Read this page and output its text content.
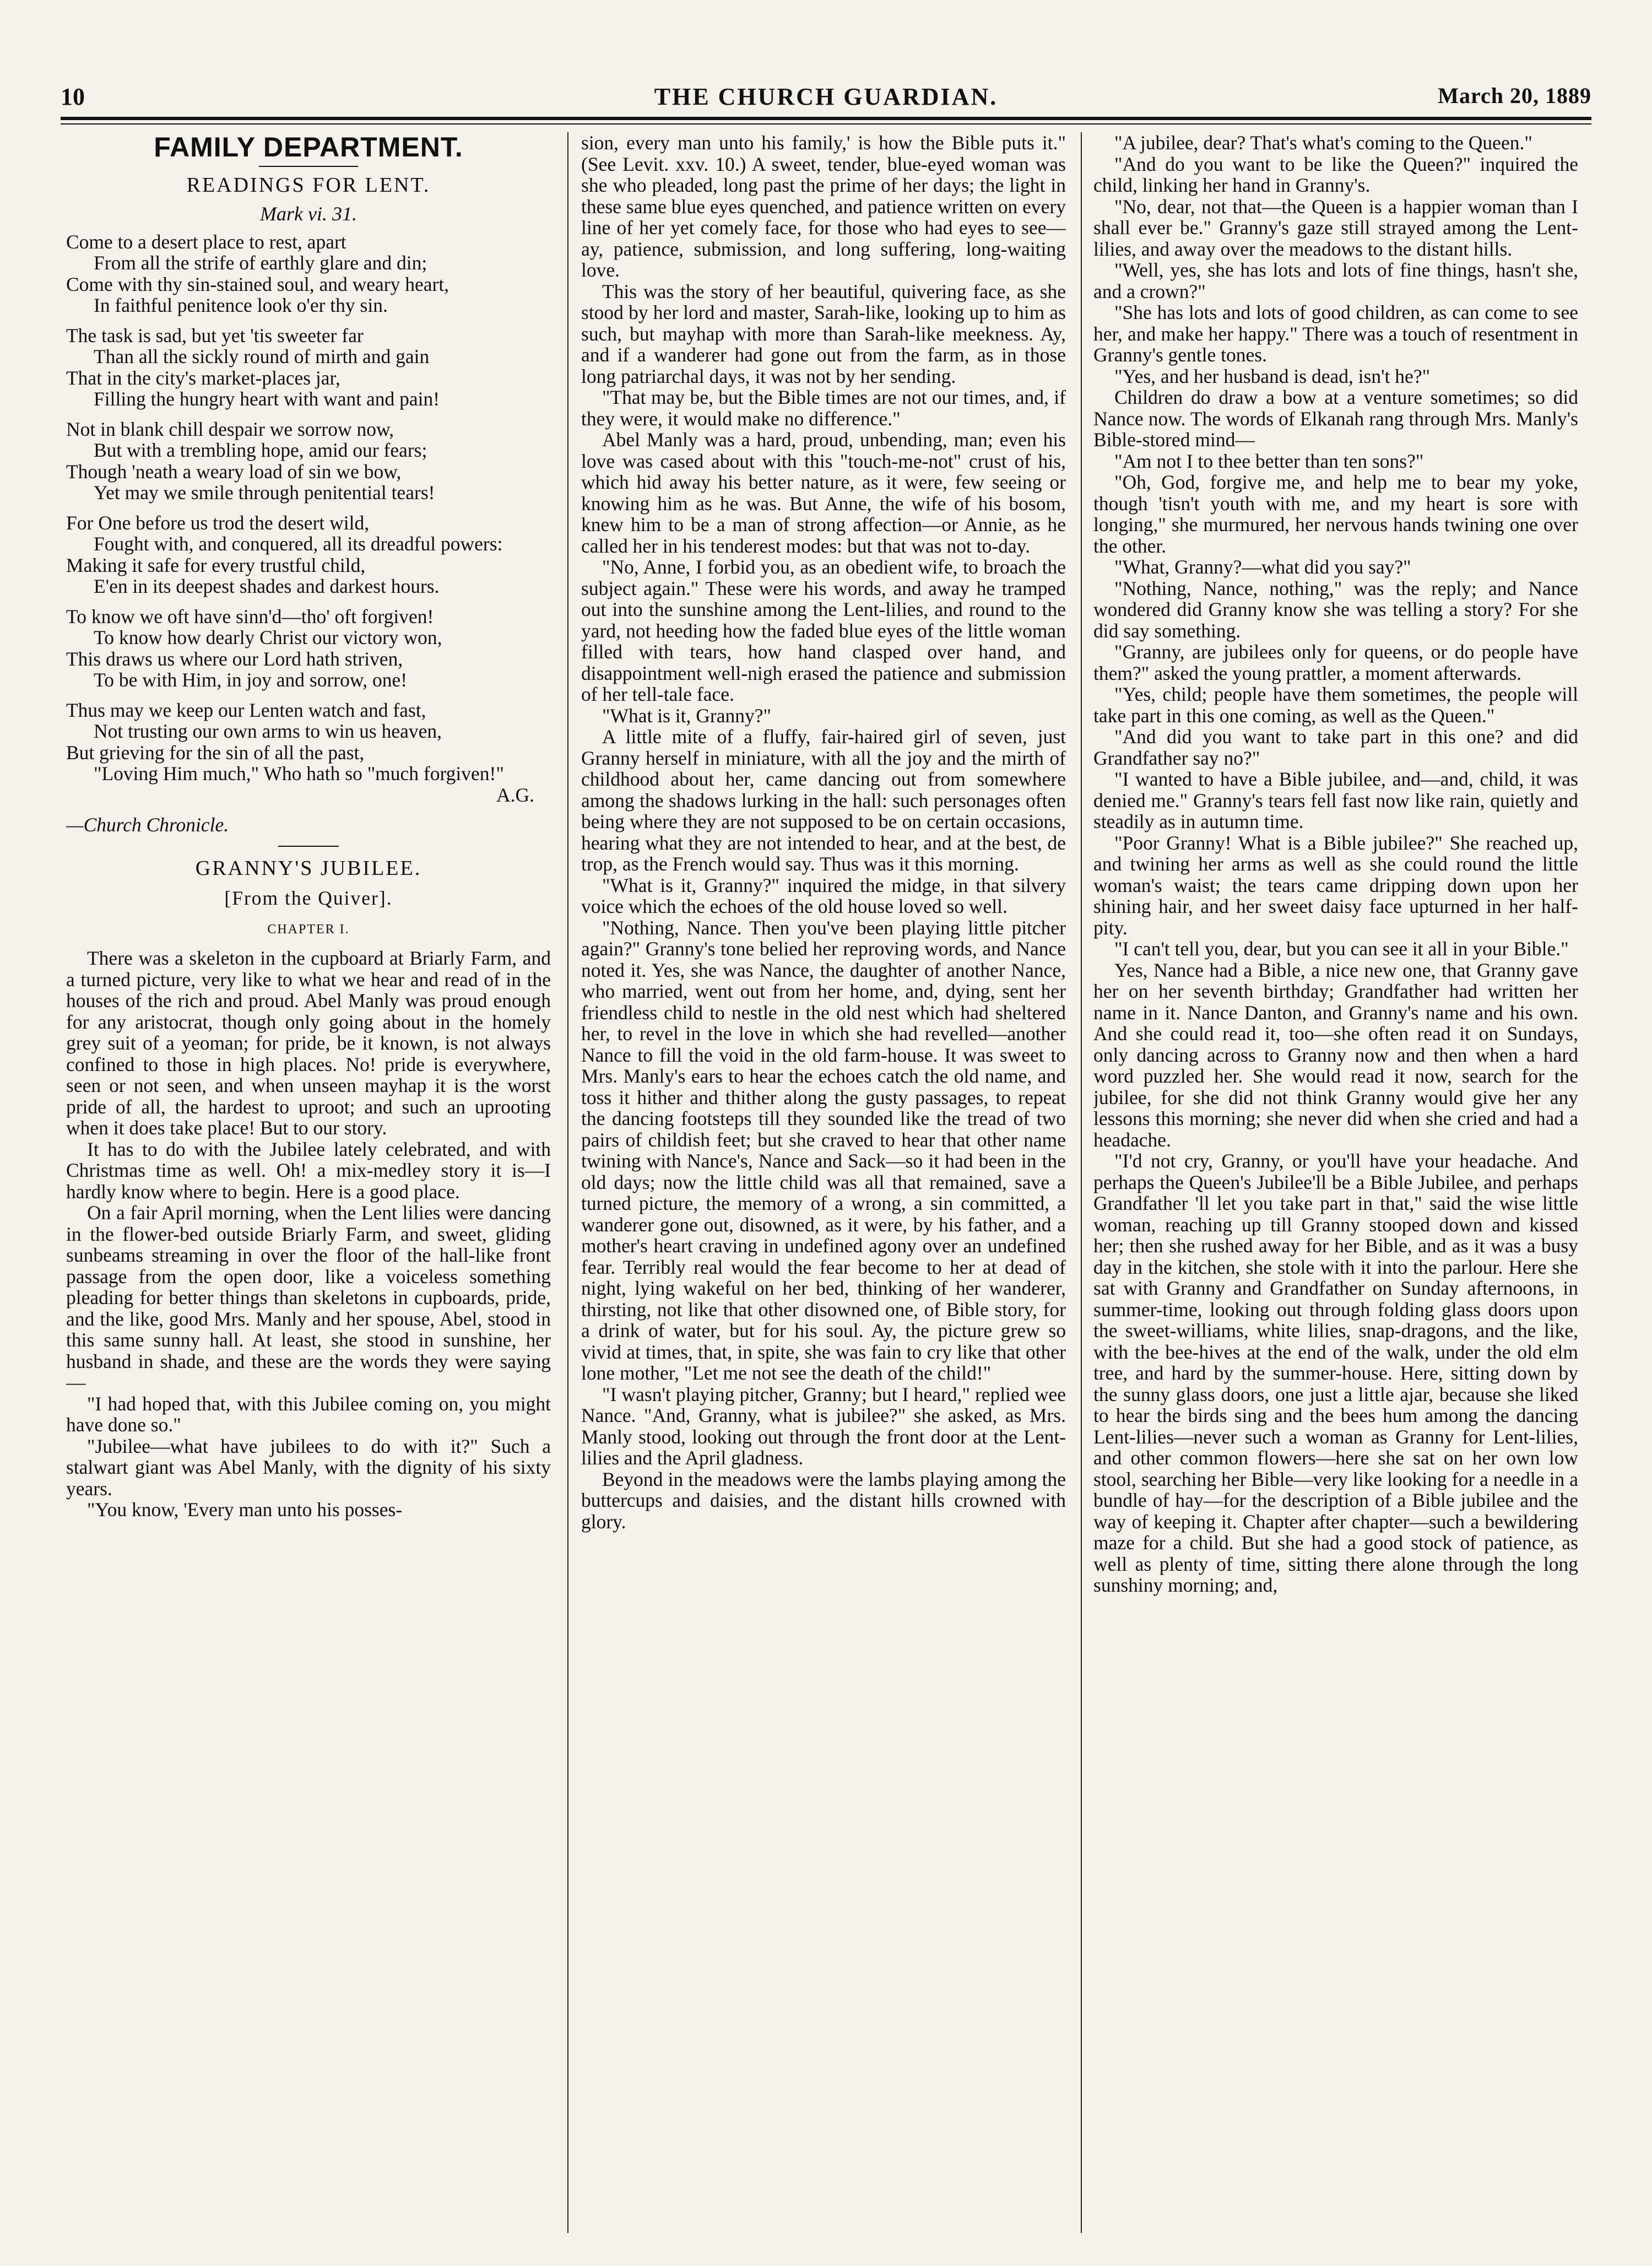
10	THE CHURCH GUARDIAN.	March 20, 1889
FAMILY DEPARTMENT.
READINGS FOR LENT.
Mark vi. 31.
Come to a desert place to rest, apart
From all the strife of earthly glare and din;
Come with thy sin-stained soul, and weary heart,
In faithful penitence look o'er thy sin.
The task is sad, but yet 'tis sweeter far
Than all the sickly round of mirth and gain
That in the city's market-places jar,
Filling the hungry heart with want and pain!
Not in blank chill despair we sorrow now,
But with a trembling hope, amid our fears;
Though 'neath a weary load of sin we bow,
Yet may we smile through penitential tears!
For One before us trod the desert wild,
Fought with, and conquered, all its dreadful powers:
Making it safe for every trustful child,
E'en in its deepest shades and darkest hours.
To know we oft have sinn'd—tho' oft forgiven!
To know how dearly Christ our victory won,
This draws us where our Lord hath striven,
To be with Him, in joy and sorrow, one!
Thus may we keep our Lenten watch and fast,
Not trusting our own arms to win us heaven,
But grieving for the sin of all the past,
"Loving Him much," Who hath so "much forgiven!"
A.G.
—Church Chronicle.
GRANNY'S JUBILEE.
[From the Quiver].
CHAPTER I.

There was a skeleton in the cupboard at Briarly Farm, and a turned picture, very like to what we hear and read of in the houses of the rich and proud. Abel Manly was proud enough for any aristocrat, though only going about in the homely grey suit of a yeoman; for pride, be it known, is not always confined to those in high places. No! pride is everywhere, seen or not seen, and when unseen mayhap it is the worst pride of all, the hardest to uproot; and such an uprooting when it does take place! But to our story.

It has to do with the Jubilee lately celebrated, and with Christmas time as well. Oh! a mix-medley story it is—I hardly know where to begin. Here is a good place.

On a fair April morning, when the Lent lilies were dancing in the flower-bed outside Briarly Farm, and sweet, gliding sunbeams streaming in over the floor of the hall-like front passage from the open door, like a voiceless something pleading for better things than skeletons in cupboards, pride, and the like, good Mrs. Manly and her spouse, Abel, stood in this same sunny hall. At least, she stood in sunshine, her husband in shade, and these are the words they were saying—

"I had hoped that, with this Jubilee coming on, you might have done so."

"Jubilee—what have jubilees to do with it?" Such a stalwart giant was Abel Manly, with the dignity of his sixty years.

"You know, 'Every man unto his posses-

sion, every man unto his family,' is how the Bible puts it." (See Levit. xxv. 10.) A sweet, tender, blue-eyed woman was she who pleaded, long past the prime of her days; the light in these same blue eyes quenched, and patience written on every line of her yet comely face, for those who had eyes to see—ay, patience, submission, and long suffering, long-waiting love.

This was the story of her beautiful, quivering face, as she stood by her lord and master, Sarah-like, looking up to him as such, but mayhap with more than Sarah-like meekness. Ay, and if a wanderer had gone out from the farm, as in those long patriarchal days, it was not by her sending.

"That may be, but the Bible times are not our times, and, if they were, it would make no difference."

Abel Manly was a hard, proud, unbending, man; even his love was cased about with this "touch-me-not" crust of his, which hid away his better nature, as it were, few seeing or knowing him as he was. But Anne, the wife of his bosom, knew him to be a man of strong affection—or Annie, as he called her in his tenderest modes: but that was not to-day.

"No, Anne, I forbid you, as an obedient wife, to broach the subject again." These were his words, and away he tramped out into the sunshine among the Lent-lilies, and round to the yard, not heeding how the faded blue eyes of the little woman filled with tears, how hand clasped over hand, and disappointment well-nigh erased the patience and submission of her tell-tale face.

"What is it, Granny?"

A little mite of a fluffy, fair-haired girl of seven, just Granny herself in miniature, with all the joy and the mirth of childhood about her, came dancing out from somewhere among the shadows lurking in the hall: such personages often being where they are not supposed to be on certain occasions, hearing what they are not intended to hear, and at the best, de trop, as the French would say. Thus was it this morning.

"What is it, Granny?" inquired the midge, in that silvery voice which the echoes of the old house loved so well.

"Nothing, Nance. Then you've been playing little pitcher again?" Granny's tone belied her reproving words, and Nance noted it. Yes, she was Nance, the daughter of another Nance, who married, went out from her home, and, dying, sent her friendless child to nestle in the old nest which had sheltered her, to revel in the love in which she had revelled—another Nance to fill the void in the old farm-house. It was sweet to Mrs. Manly's ears to hear the echoes catch the old name, and toss it hither and thither along the gusty passages, to repeat the dancing footsteps till they sounded like the tread of two pairs of childish feet; but she craved to hear that other name twining with Nance's, Nance and Sack—so it had been in the old days; now the little child was all that remained, save a turned picture, the memory of a wrong, a sin committed, a wanderer gone out, disowned, as it were, by his father, and a mother's heart craving in undefined agony over an undefined fear. Terribly real would the fear become to her at dead of night, lying wakeful on her bed, thinking of her wanderer, thirsting, not like that other disowned one, of Bible story, for a drink of water, but for his soul. Ay, the picture grew so vivid at times, that, in spite, she was fain to cry like that other lone mother, "Let me not see the death of the child!"

"I wasn't playing pitcher, Granny; but I heard," replied wee Nance. "And, Granny, what is jubilee?" she asked, as Mrs. Manly stood, looking out through the front door at the Lent-lilies and the April gladness.

Beyond in the meadows were the lambs playing among the buttercups and daisies, and the distant hills crowned with glory.

"A jubilee, dear? That's what's coming to the Queen."

"And do you want to be like the Queen?" inquired the child, linking her hand in Granny's.

"No, dear, not that—the Queen is a happier woman than I shall ever be." Granny's gaze still strayed among the Lent-lilies, and away over the meadows to the distant hills.

"Well, yes, she has lots and lots of fine things, hasn't she, and a crown?"

"She has lots and lots of good children, as can come to see her, and make her happy." There was a touch of resentment in Granny's gentle tones.

"Yes, and her husband is dead, isn't he?"

Children do draw a bow at a venture sometimes; so did Nance now. The words of Elkanah rang through Mrs. Manly's Bible-stored mind—

"Am not I to thee better than ten sons?"

"Oh, God, forgive me, and help me to bear my yoke, though 'tisn't youth with me, and my heart is sore with longing," she murmured, her nervous hands twining one over the other.

"What, Granny?—what did you say?"

"Nothing, Nance, nothing," was the reply; and Nance wondered did Granny know she was telling a story? For she did say something.

"Granny, are jubilees only for queens, or do people have them?" asked the young prattler, a moment afterwards.

"Yes, child; people have them sometimes, the people will take part in this one coming, as well as the Queen."

"And did you want to take part in this one? and did Grandfather say no?"

"I wanted to have a Bible jubilee, and—and, child, it was denied me." Granny's tears fell fast now like rain, quietly and steadily as in autumn time.

"Poor Granny! What is a Bible jubilee?" She reached up, and twining her arms as well as she could round the little woman's waist; the tears came dripping down upon her shining hair, and her sweet daisy face upturned in her half-pity.

"I can't tell you, dear, but you can see it all in your Bible."

Yes, Nance had a Bible, a nice new one, that Granny gave her on her seventh birthday; Grandfather had written her name in it. Nance Danton, and Granny's name and his own. And she could read it, too—she often read it on Sundays, only dancing across to Granny now and then when a hard word puzzled her. She would read it now, search for the jubilee, for she did not think Granny would give her any lessons this morning; she never did when she cried and had a headache.

"I'd not cry, Granny, or you'll have your headache. And perhaps the Queen's Jubilee'll be a Bible Jubilee, and perhaps Grandfather 'll let you take part in that," said the wise little woman, reaching up till Granny stooped down and kissed her; then she rushed away for her Bible, and as it was a busy day in the kitchen, she stole with it into the parlour. Here she sat with Granny and Grandfather on Sunday afternoons, in summer-time, looking out through folding glass doors upon the sweet-williams, white lilies, snap-dragons, and the like, with the bee-hives at the end of the walk, under the old elm tree, and hard by the summer-house. Here, sitting down by the sunny glass doors, one just a little ajar, because she liked to hear the birds sing and the bees hum among the dancing Lent-lilies—never such a woman as Granny for Lent-lilies, and other common flowers—here she sat on her own low stool, searching her Bible—very like looking for a needle in a bundle of hay—for the description of a Bible jubilee and the way of keeping it. Chapter after chapter—such a bewildering maze for a child. But she had a good stock of patience, as well as plenty of time, sitting there alone through the long sunshiny morning; and,
